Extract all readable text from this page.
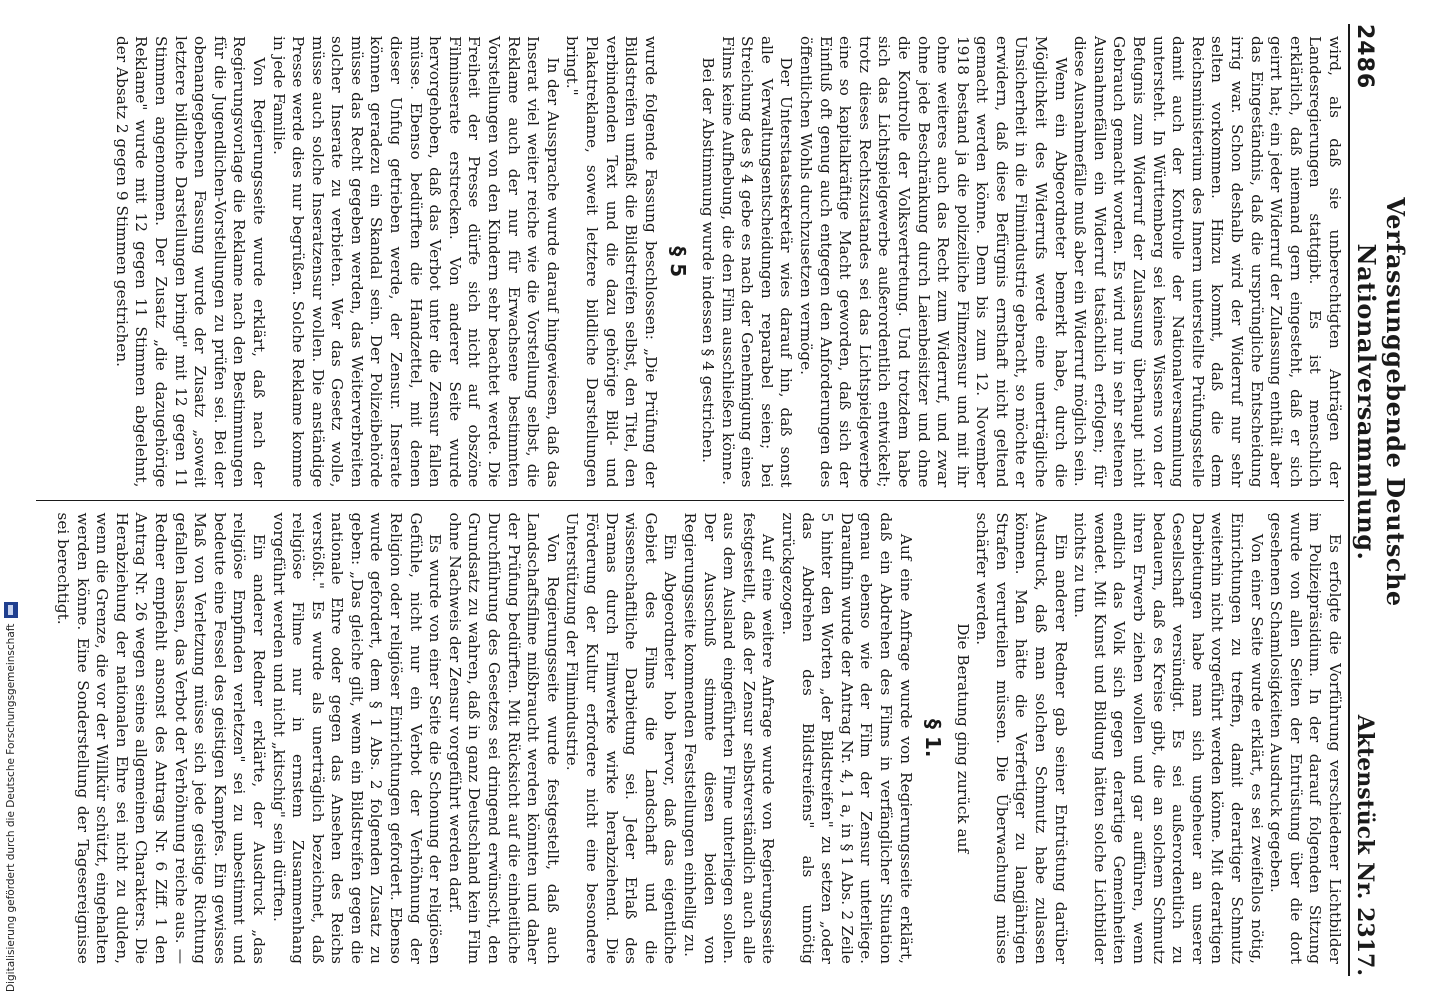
2486
Verfassunggebende Deutsche Nationalversammlung.
Aktenstück Nr. 2317.

wird, als daß sie unberechtigten Anträgen der Landesregierungen stattgibt. Es ist menschlich erklärlich, daß niemand gern eingesteht, daß er sich geirrt hat; ein jeder Widerruf der Zulassung enthält aber das Eingeständnis, daß die ursprüngliche Entscheidung irrig war. Schon deshalb wird der Widerruf nur sehr selten vorkommen. Hinzu kommt, daß die dem Reichsministerium des Innern unterstellte Prüfungsstelle damit auch der Kontrolle der Nationalversammlung untersteht. In Württemberg sei keines Wissens von der Befugnis zum Widerruf der Zulassung überhaupt nicht Gebrauch gemacht worden. Es wird nur in sehr seltenen Ausnahmefällen ein Widerruf tatsächlich erfolgen; für diese Ausnahmefälle muß aber ein Widerruf möglich sein.

Wenn ein Abgeordneter bemerkt habe, durch die Möglichkeit des Widerrufs werde eine unerträgliche Unsicherheit in die Filmindustrie gebracht, so möchte er erwidern, daß diese Befürgnis ernsthaft nicht geltend gemacht werden könne. Denn bis zum 12. November 1918 bestand ja die polizeiliche Filmzensur und mit ihr ohne weiteres auch das Recht zum Widerruf, und zwar ohne jede Beschränkung durch Laienbeisitzer und ohne die Kontrolle der Volksvertretung. Und trotzdem habe sich das Lichtspielgewerbe außerordentlich entwickelt; trotz dieses Rechtszustandes sei das Lichtspielgewerbe eine so kapitalkräftige Macht geworden, daß sich der Einfluß oft genug auch entgegen den Anforderungen des öffentlichen Wohls durchzusetzen vermöge.

Der Unterstaatssekretär wies darauf hin, daß sonst alle Verwaltungsentscheidungen reparabel seien; bei Streichung des § 4 gebe es nach der Genehmigung eines Films keine Aufhebung, die den Film ausschließen könne.

Bei der Abstimmung wurde indessen § 4 gestrichen.

§ 5

wurde folgende Fassung beschlossen: „Die Prüfung der Bildstreifen umfaßt die Bildstreifen selbst, den Titel, den verbindenden Text und die dazu gehörige Bild- und Plakatreklame, soweit letztere bildliche Darstellungen bringt."

In der Aussprache wurde darauf hingewiesen, daß das Inserat viel weiter reiche wie die Vorstellung selbst, die Reklame auch der nur für Erwachsene bestimmten Vorstellungen von den Kindern sehr beachtet werde. Die Freiheit der Presse dürfe sich nicht auf obszöne Filminserate erstrecken. Von anderer Seite wurde hervorgehoben, daß das Verbot unter die Zensur fallen müsse. Ebenso bedürften die Handzettel, mit denen dieser Unfug getrieben werde, der Zensur. Inserate können geradezu ein Skandal sein. Der Polizeibehörde müsse das Recht gegeben werden, das Weiterverbreiten solcher Inserate zu verbieten. Wer das Gesetz wolle, müsse auch solche Inseratzensur wollen. Die anständige Presse werde dies nur begrüßen. Solche Reklame komme in jede Familie.

Von Regierungsseite wurde erklärt, daß nach der Regierungsvorlage die Reklame nach den Bestimmungen für die Jugendlichen-Vorstellungen zu prüfen sei. Bei der obenangegebenen Fassung wurde der Zusatz „soweit letztere bildliche Darstellungen bringt" mit 12 gegen 11 Stimmen angenommen. Der Zusatz „die dazugehörige Reklame" wurde mit 12 gegen 11 Stimmen abgelehnt, der Absatz 2 gegen 9 Stimmen gestrichen.

Es erfolgte die Vorführung verschiedener Lichtbilder im Polizeipräsidium. In der darauf folgenden Sitzung wurde von allen Seiten der Entrüstung über die dort gesehenen Schamlosigkeiten Ausdruck gegeben.

Von einer Seite wurde erklärt, es sei zweifellos nötig, Einrichtungen zu treffen, damit derartiger Schmutz weiterhin nicht vorgeführt werden könne. Mit derartigen Darbietungen habe man sich ungeheuer an unserer Gesellschaft versündigt. Es sei außerordentlich zu bedauern, daß es Kreise gibt, die an solchem Schmutz ihren Erwerb ziehen wollen und gar aufführen, wenn endlich das Volk sich gegen derartige Gemeinheiten wendet. Mit Kunst und Bildung hätten solche Lichtbilder nichts zu tun.

Ein anderer Redner gab seiner Entrüstung darüber Ausdruck, daß man solchen Schmutz habe zulassen können. Man hätte die Verfertiger zu langjährigen Strafen verurteilen müssen. Die Überwachung müsse schärfer werden.

Die Beratung ging zurück auf

§ 1.

Auf eine Anfrage wurde von Regierungsseite erklärt, daß ein Abdrehen des Films in verfänglicher Situation genau ebenso wie der Film der Zensur unterliege. Daraufhin wurde der Antrag Nr. 4, 1 a, in § 1 Abs. 2 Zeile 5 hinter den Worten „der Bildstreifen" zu setzen „oder das Abdrehen des Bildstreifens" als unnötig zurückgezogen.

Auf eine weitere Anfrage wurde von Regierungsseite festgestellt, daß der Zensur selbstverständlich auch alle aus dem Ausland eingeführten Filme unterliegen sollen. Der Ausschuß stimmte diesen beiden von Regierungsseite kommenden Feststellungen einhellig zu.

Ein Abgeordneter hob hervor, daß das eigentliche Gebiet des Films die Landschaft und die wissenschaftliche Darbietung sei. Jeder Erlaß des Dramas durch Filmwerke wirke herabziehend. Die Förderung der Kultur erfordere nicht eine besondere Unterstützung der Filmindustrie.

Von Regierungsseite wurde festgestellt, daß auch Landschaftsfilme mißbraucht werden könnten und daher der Prüfung bedürften. Mit Rücksicht auf die einheitliche Durchführung des Gesetzes sei dringend erwünscht, den Grundsatz zu wahren, daß in ganz Deutschland kein Film ohne Nachweis der Zensur vorgeführt werden darf.

Es wurde von einer Seite die Schonung der religiösen Gefühle, nicht nur ein Verbot der Verhöhnung der Religion oder religiöser Einrichtungen gefordert. Ebenso wurde gefordert, dem § 1 Abs. 2 folgenden Zusatz zu geben: „Das gleiche gilt, wenn ein Bildstreifen gegen die nationale Ehre oder gegen das Ansehen des Reichs verstößt." Es wurde als unerträglich bezeichnet, daß religiöse Filme nur in ernstem Zusammenhang vorgeführt werden und nicht „kitschig" sein dürften.

Ein anderer Redner erklärte, der Ausdruck „das religiöse Empfinden verletzen" sei zu unbestimmt und bedeute eine Fessel des geistigen Kampfes. Ein gewisses Maß von Verletzung müsse sich jede geistige Richtung gefallen lassen, das Verbot der Verhöhnung reiche aus. — Redner empfiehlt ansonst des Antrags Nr. 6 Ziff. 1 den Antrag Nr. 26 wegen seines allgemeinen Charakters. Die Herabziehung der nationalen Ehre sei nicht zu dulden, wenn die Grenze, die vor der Willkür schützt, eingehalten werden könne. Eine Sonderstellung der Tagesereignisse sei berechtigt.

Digitalisierung gefördert durch die Deutsche Forschungsgemeinschaft
